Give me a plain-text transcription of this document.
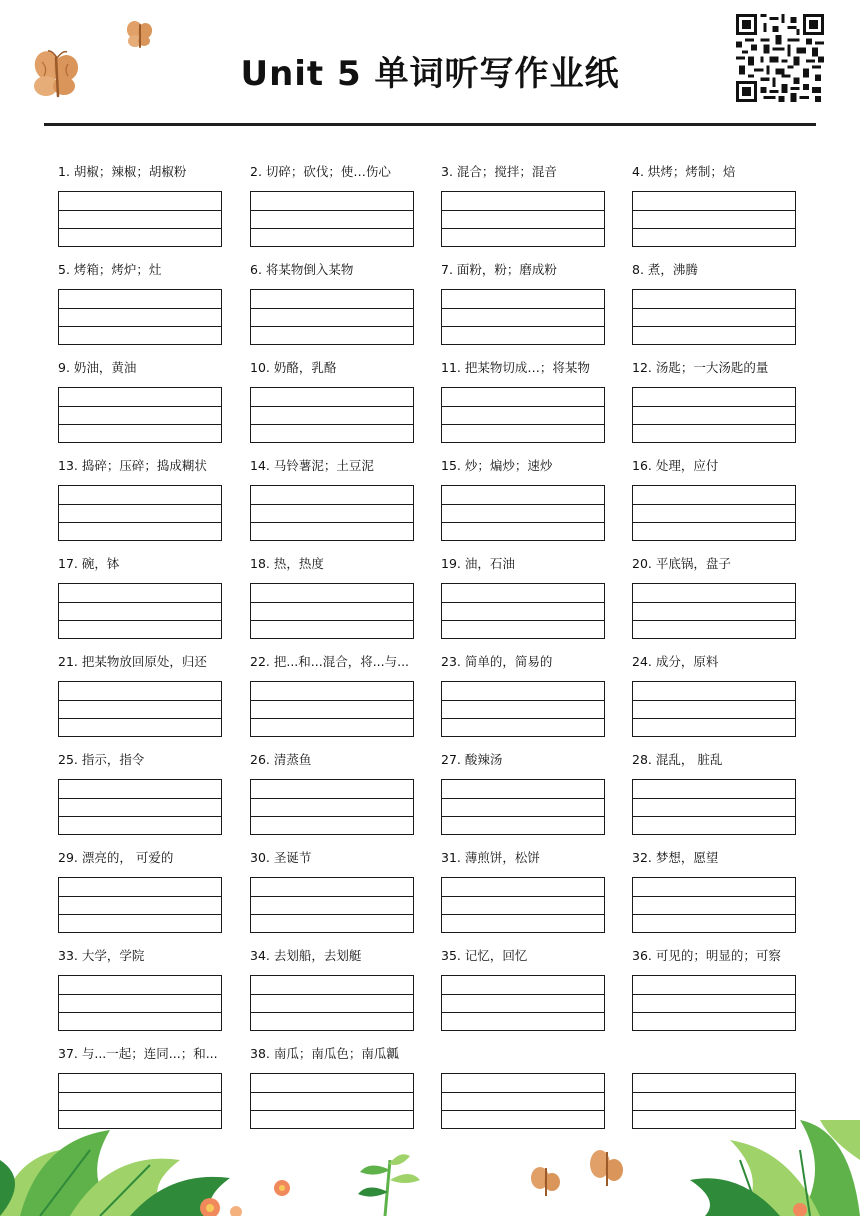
Unit 5 单词听写作业纸
1. 胡椒；辣椒；胡椒粉	2. 切碎；砍伐；使…伤心	3. 混合；搅拌；混音	4. 烘烤；烤制；焙
5. 烤箱；烤炉；灶	6. 将某物倒入某物	7. 面粉，粉；磨成粉	8. 煮，沸腾
9. 奶油，黄油	10. 奶酪，乳酪	11. 把某物切成…；将某物	12. 汤匙；一大汤匙的量
13. 捣碎；压碎；捣成糊状	14. 马铃薯泥；土豆泥	15. 炒；煸炒；速炒	16. 处理，应付
17. 碗，钵	18. 热，热度	19. 油，石油	20. 平底锅，盘子
21. 把某物放回原处，归还	22. 把...和...混合，将...与...	23. 简单的，简易的	24. 成分，原料
25. 指示，指令	26. 清蒸鱼	27. 酸辣汤	28. 混乱， 脏乱
29. 漂亮的， 可爱的	30. 圣诞节	31. 薄煎饼，松饼	32. 梦想，愿望
33. 大学，学院	34. 去划船，去划艇	35. 记忆，回忆	36. 可见的；明显的；可察
37. 与...一起；连同...；和...	38. 南瓜；南瓜色；南瓜瓤
